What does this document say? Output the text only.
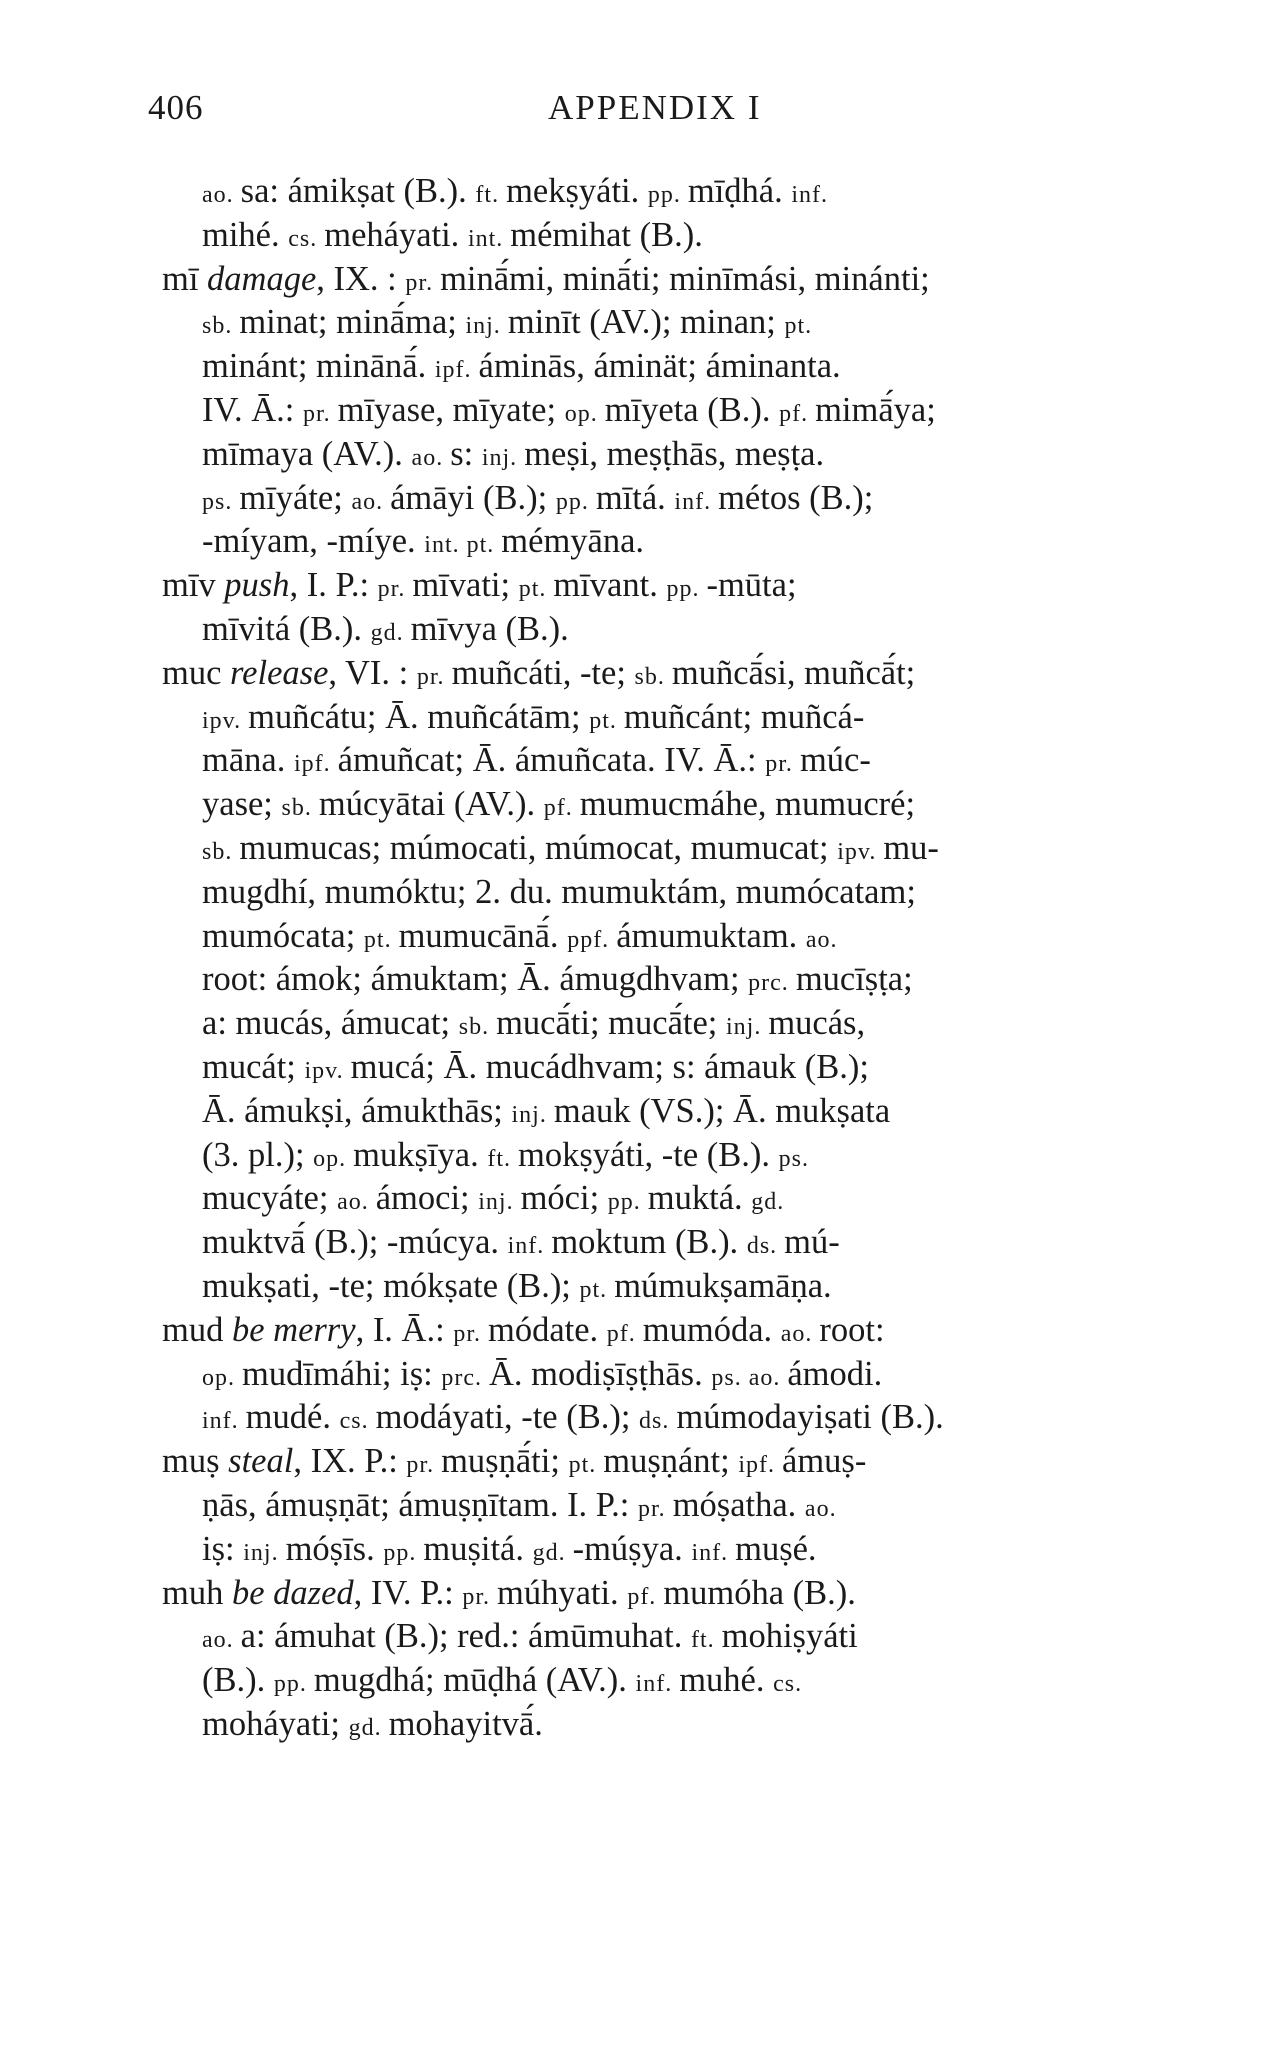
406	APPENDIX I
ao. sa: ámikṣat (B.). ft. mekṣyáti. pp. mīḍhá. inf.
mihé. cs. meháyati. int. mémihat (B.).
mī damage, IX. : pr. minā́mi, minā́ti; minīmási, minánti;
sb. minat; minā́ma; inj. minīt (AV.); minan; pt.
minánt; minānā́. ipf. áminās, áminät; áminanta.
IV. Ā.: pr. mīyase, mīyate; op. mīyeta (B.). pf. mimā́ya;
mīmaya (AV.). ao. s: inj. meṣi, meṣṭhās, meṣṭa.
ps. mīyáte; ao. ámāyi (B.); pp. mītá. inf. métos (B.);
-míyam, -míye. int. pt. mémyāna.
mīv push, I. P.: pr. mīvati; pt. mīvant. pp. -mūta;
mīvitá (B.). gd. mīvya (B.).
muc release, VI. : pr. muñcáti, -te; sb. muñcā́si, muñcā́t;
ipv. muñcátu; Ā. muñcátām; pt. muñcánt; muñcá-
māna. ipf. ámuñcat; Ā. ámuñcata. IV. Ā.: pr. múc-
yase; sb. múcyātai (AV.). pf. mumucmáhe, mumucré;
sb. mumucas; múmocati, múmocat, mumucat; ipv. mu-
mugdhí, mumóktu; 2. du. mumuktám, mumócatam;
mumócata; pt. mumucānā́. ppf. ámumuktam. ao.
root: ámok; ámuktam; Ā. ámugdhvam; prc. mucīṣṭa;
a: mucás, ámucat; sb. mucā́ti; mucā́te; inj. mucás,
mucát; ipv. mucá; Ā. mucádhvam; s: ámauk (B.);
Ā. ámukṣi, ámukthās; inj. mauk (VS.); Ā. mukṣata
(3. pl.); op. mukṣīya. ft. mokṣyáti, -te (B.). ps.
mucyáte; ao. ámoci; inj. móci; pp. muktá. gd.
muktvā́ (B.); -múcya. inf. moktum (B.). ds. mú-
mukṣati, -te; mókṣate (B.); pt. múmukṣamāṇa.
mud be merry, I. Ā.: pr. módate. pf. mumóda. ao. root:
op. mudīmáhi; iṣ: prc. Ā. modiṣīṣṭhās. ps. ao. ámodi.
inf. mudé. cs. modáyati, -te (B.); ds. múmodayiṣati (B.).
muṣ steal, IX. P.: pr. muṣṇā́ti; pt. muṣṇánt; ipf. ámuṣ-
ṇās, ámuṣṇāt; ámuṣṇītam. I. P.: pr. móṣatha. ao.
iṣ: inj. móṣīs. pp. muṣitá. gd. -múṣya. inf. muṣé.
muh be dazed, IV. P.: pr. múhyati. pf. mumóha (B.).
ao. a: ámuhat (B.); red.: ámūmuhat. ft. mohiṣyáti
(B.). pp. mugdhá; mūḍhá (AV.). inf. muhé. cs.
moháyati; gd. mohayitvā́.
